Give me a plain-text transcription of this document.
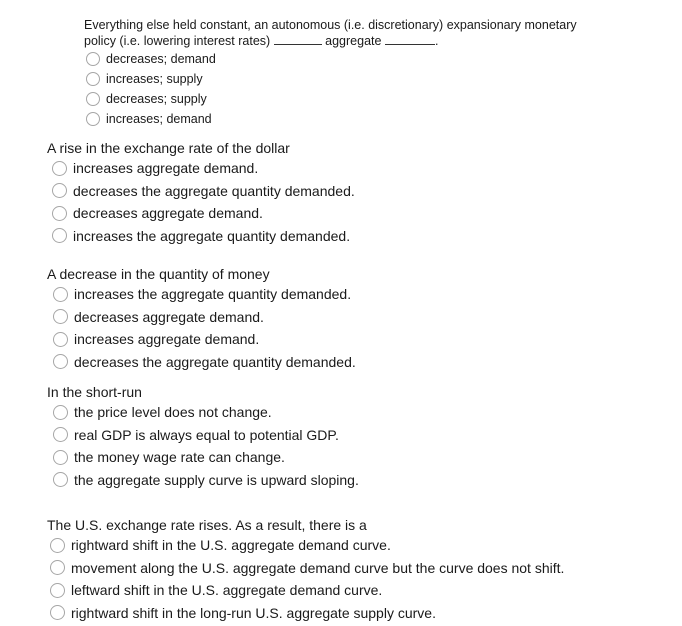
Everything else held constant, an autonomous (i.e. discretionary) expansionary monetary
policy (i.e. lowering interest rates)	aggregate	.
decreases; demand
increases; supply
decreases; supply
increases; demand
A rise in the exchange rate of the dollar
increases aggregate demand.
decreases the aggregate quantity demanded.
decreases aggregate demand.
increases the aggregate quantity demanded.
A decrease in the quantity of money
increases the aggregate quantity demanded.
decreases aggregate demand.
increases aggregate demand.
decreases the aggregate quantity demanded.
In the short-run
the price level does not change.
real GDP is always equal to potential GDP.
the money wage rate can change.
the aggregate supply curve is upward sloping.
The U.S. exchange rate rises. As a result, there is a
rightward shift in the U.S. aggregate demand curve.
movement along the U.S. aggregate demand curve but the curve does not shift.
leftward shift in the U.S. aggregate demand curve.
rightward shift in the long-run U.S. aggregate supply curve.
